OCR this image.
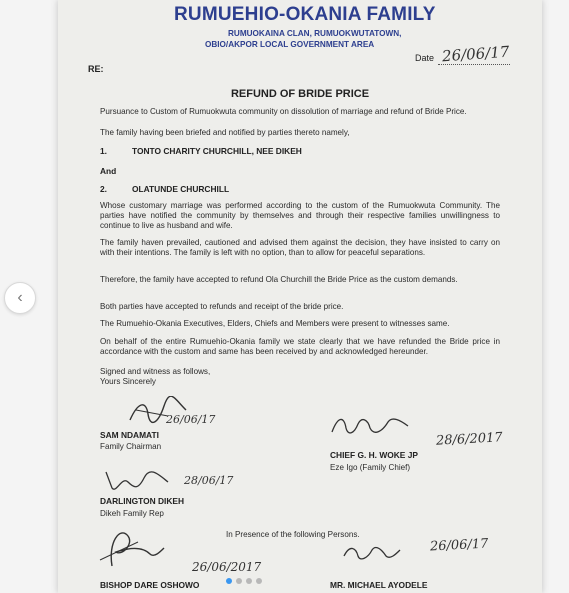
‹
RUMUEHIO-OKANIA FAMILY
RUMUOKAINA CLAN, RUMUOKWUTATOWN,
OBIO/AKPOR LOCAL GOVERNMENT AREA
Date 26/06/17
RE:
REFUND OF BRIDE PRICE
Pursuance to Custom of Rumuokwuta community on dissolution of marriage and refund of Bride Price.
The family having been briefed and notified by parties thereto namely,
1.	TONTO CHARITY CHURCHILL, NEE DIKEH
And
2.	OLATUNDE CHURCHILL
Whose customary marriage was performed according to the custom of the Rumuokwuta Community. The parties have notified the community by themselves and through their respective families unwillingness to continue to live as husband and wife.
The family haven prevailed, cautioned and advised them against the decision, they have insisted to carry on with their intentions. The family is left with no option, than to allow for peaceful separations.
Therefore, the family have accepted to refund Ola Churchill the Bride Price as the custom demands.
Both parties have accepted to refunds and receipt of the bride price.
The Rumuehio-Okania Executives, Elders, Chiefs and Members were present to witnesses same.
On behalf of the entire Rumuehio-Okania family we state clearly that we have refunded the Bride price in accordance with the custom and same has been received by and acknowledged hereunder.
Signed and witness as follows,
Yours Sincerely
26/06/17
SAM NDAMATI
Family Chairman	28/6/2017
CHIEF G. H. WOKE JP
Eze Igo (Family Chief)
28/06/17
DARLINGTON DIKEH
Dikeh Family Rep
In Presence of the following Persons.
26/06/2017
BISHOP DARE OSHOWO
26/06/17
MR. MICHAEL AYODELE
